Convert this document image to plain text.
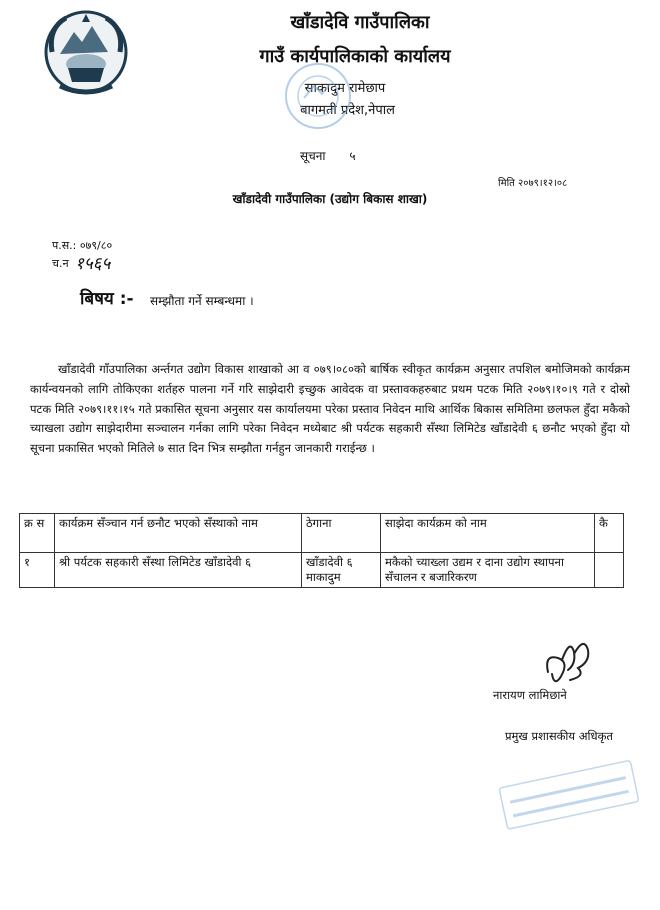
खाँडादेवि गाउँपालिका
गाउँ कार्यपालिकाको कार्यालय
साकादुम रामेछाप
बागमती प्रदेश,नेपाल
सूचना ५
मिति २०७९।१२।०८
खाँडादेवी गाउँपालिका (उद्योग बिकास शाखा)
प.स.: ०७९/८०
च.न १५६५
बिषय :- सम्झौता गर्ने सम्बन्धमा ।
खाँडादेवी गाँउपालिका अर्न्तगत उद्योग विकास शाखाको आ व ०७९।०८०को बार्षिक स्वीकृत कार्यक्रम अनुसार तपशिल बमोजिमको कार्यक्रम कार्यन्वयनको लागि तोकिएका शर्तहरु पालना गर्ने गरि साझेदारी इच्छुक आवेदक वा प्रस्तावकहरुबाट प्रथम पटक मिति २०७९।१०।९ गते र दोस्रो पटक मिति २०७९।११।१५ गते प्रकासित सूचना अनुसार यस कार्यालयमा परेका प्रस्ताव निवेदन माथि आर्थिक बिकास समितिमा छलफल हुँदा मकैको च्याखला उद्योग साझेदारीमा सञ्चालन गर्नका लागि परेका निवेदन मध्येबाट श्री पर्यटक सहकारी सँस्था लिमिटेड खाँडादेवी ६ छनौट भएको हुँदा यो सूचना प्रकासित भएको मितिले ७ सात दिन भित्र सम्झौता गर्नहुन जानकारी गराईन्छ ।
क्र स	कार्यक्रम सँञ्चान गर्न छनौट भएको सँस्थाको नाम	ठेगाना	साझेदा कार्यक्रम को नाम	कै
१	श्री पर्यटक सहकारी सँस्था लिमिटेड खाँडादेवी ६	खाँडादेवी ६ माकादुम	मकैको च्याख्ला उद्यम र दाना उद्योग स्थापना सँचालन र बजारिकरण	
नारायण लामिछाने
प्रमुख प्रशासकीय अधिकृत
